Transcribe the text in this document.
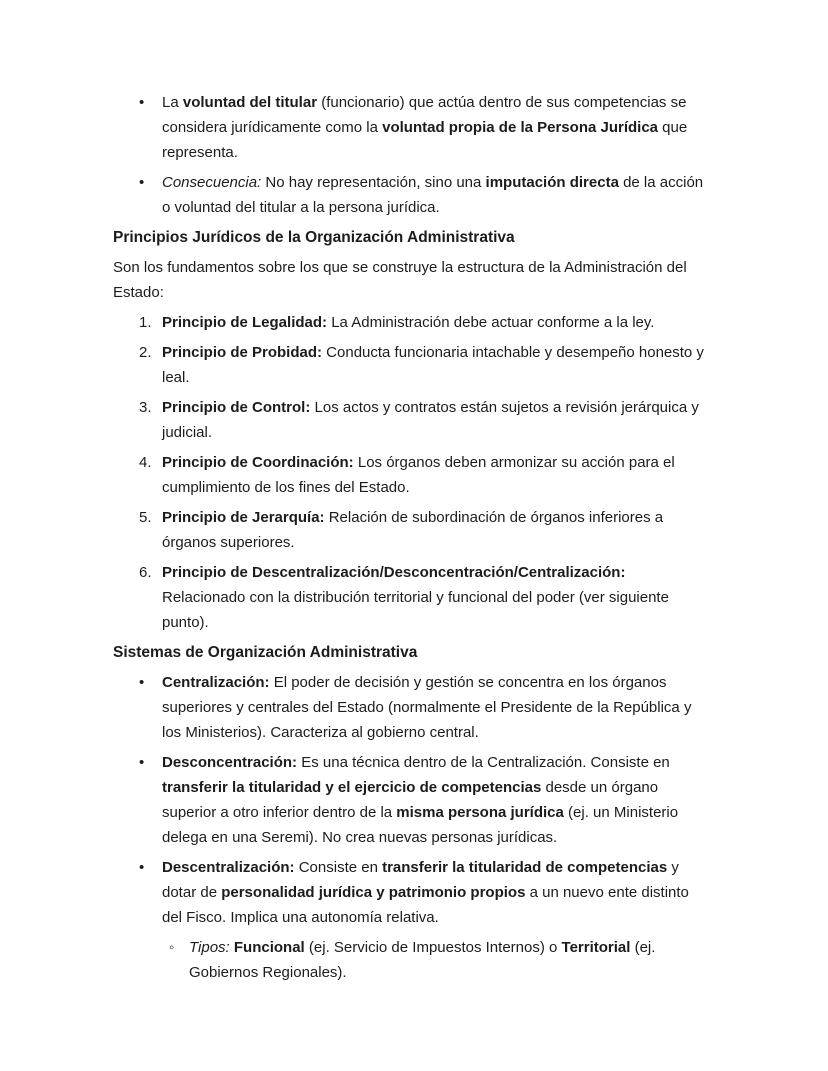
•	La voluntad del titular (funcionario) que actúa dentro de sus competencias se considera jurídicamente como la voluntad propia de la Persona Jurídica que representa.

•	Consecuencia: No hay representación, sino una imputación directa de la acción o voluntad del titular a la persona jurídica.

Principios Jurídicos de la Organización Administrativa

Son los fundamentos sobre los que se construye la estructura de la Administración del Estado:

1. Principio de Legalidad: La Administración debe actuar conforme a la ley.

2. Principio de Probidad: Conducta funcionaria intachable y desempeño honesto y leal.

3. Principio de Control: Los actos y contratos están sujetos a revisión jerárquica y judicial.

4. Principio de Coordinación: Los órganos deben armonizar su acción para el cumplimiento de los fines del Estado.

5. Principio de Jerarquía: Relación de subordinación de órganos inferiores a órganos superiores.

6. Principio de Descentralización/Desconcentración/Centralización: Relacionado con la distribución territorial y funcional del poder (ver siguiente punto).

Sistemas de Organización Administrativa
•	Centralización: El poder de decisión y gestión se concentra en los órganos superiores y centrales del Estado (normalmente el Presidente de la República y los Ministerios). Caracteriza al gobierno central.

•	Desconcentración: Es una técnica dentro de la Centralización. Consiste en transferir la titularidad y el ejercicio de competencias desde un órgano superior a otro inferior dentro de la misma persona jurídica (ej. un Ministerio delega en una Seremi). No crea nuevas personas jurídicas.

•	Descentralización: Consiste en transferir la titularidad de competencias y dotar de personalidad jurídica y patrimonio propios a un nuevo ente distinto del Fisco. Implica una autonomía relativa.

◦ Tipos: Funcional (ej. Servicio de Impuestos Internos) o Territorial (ej. Gobiernos Regionales).
